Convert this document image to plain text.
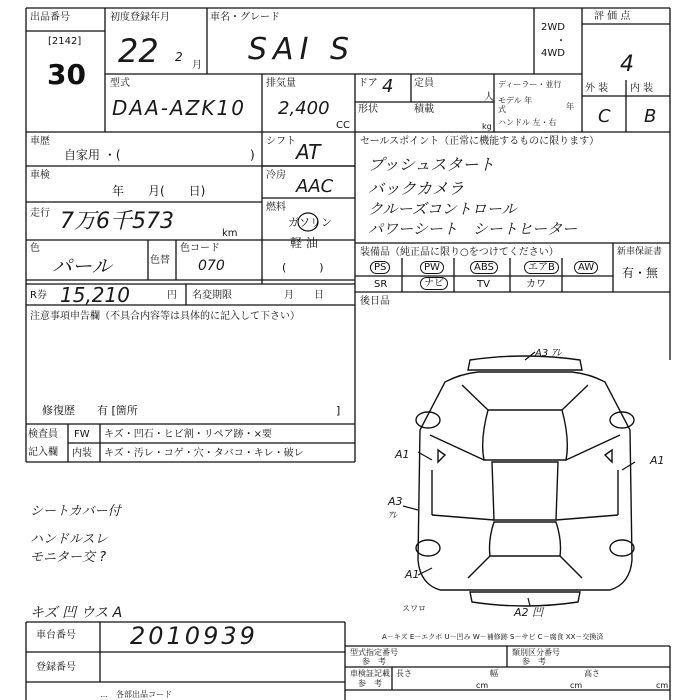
出品番号
[2142]
30
初度登録年月
22 2
月
車名・グレード
SAI S
2WD
・
4WD
評 価 点
4
外 装 内 装
C B
型式
DAA-AZK10
排気量
2,400
CC
ドア 4 定員
人
形状	積載
kg
ディーラー・並行
モデル 年式	年
ハンドル 左・右
車歴
自家用 ・(	)
シフト AT
車検
年　　月(　　日)
冷房
AAC
走行 7万6千573	km
燃料
ガソリン
軽 油
(　　　)
色
パール	色替
色コード
070
R券 15,210	円 名変期限	月　　日
セールスポイント（正常に機能するものに限ります）
プッシュスタート
バックカメラ
クルーズコントロール
パワーシート　シートヒーター
装備品（純正品に限り○をつけてください）	新車保証書
有・無
PS	PW	ABS	エアB	AW
SR	ナビ	TV	カワ
後日品
注意事項申告欄（不具合内容等は具体的に記入して下さい）
修復歴　　有 [箇所	]
検査員
記入欄
FW キズ・凹石・ヒビ割・リペア跡・×要
内装 キズ・汚レ・コゲ・穴・タバコ・キレ・破レ
シートカバー付
ハンドルスレ
モニター交 ?
キズ 凹 ウス A
A3 ｱﾚ
A1	A1
A3
ｱﾚ
A1
スワロ	A2 凹
A－キズ E－エクボ U－凹み W－補修跡 S－サビ C－腐食 XX－交換済
車台番号 2010939
登録番号
型式指定番号
参　考
類別区分番号
参　考
車検証記載
参　考
長さ
cm
幅
cm
高さ
cm
…　各部出品コード
